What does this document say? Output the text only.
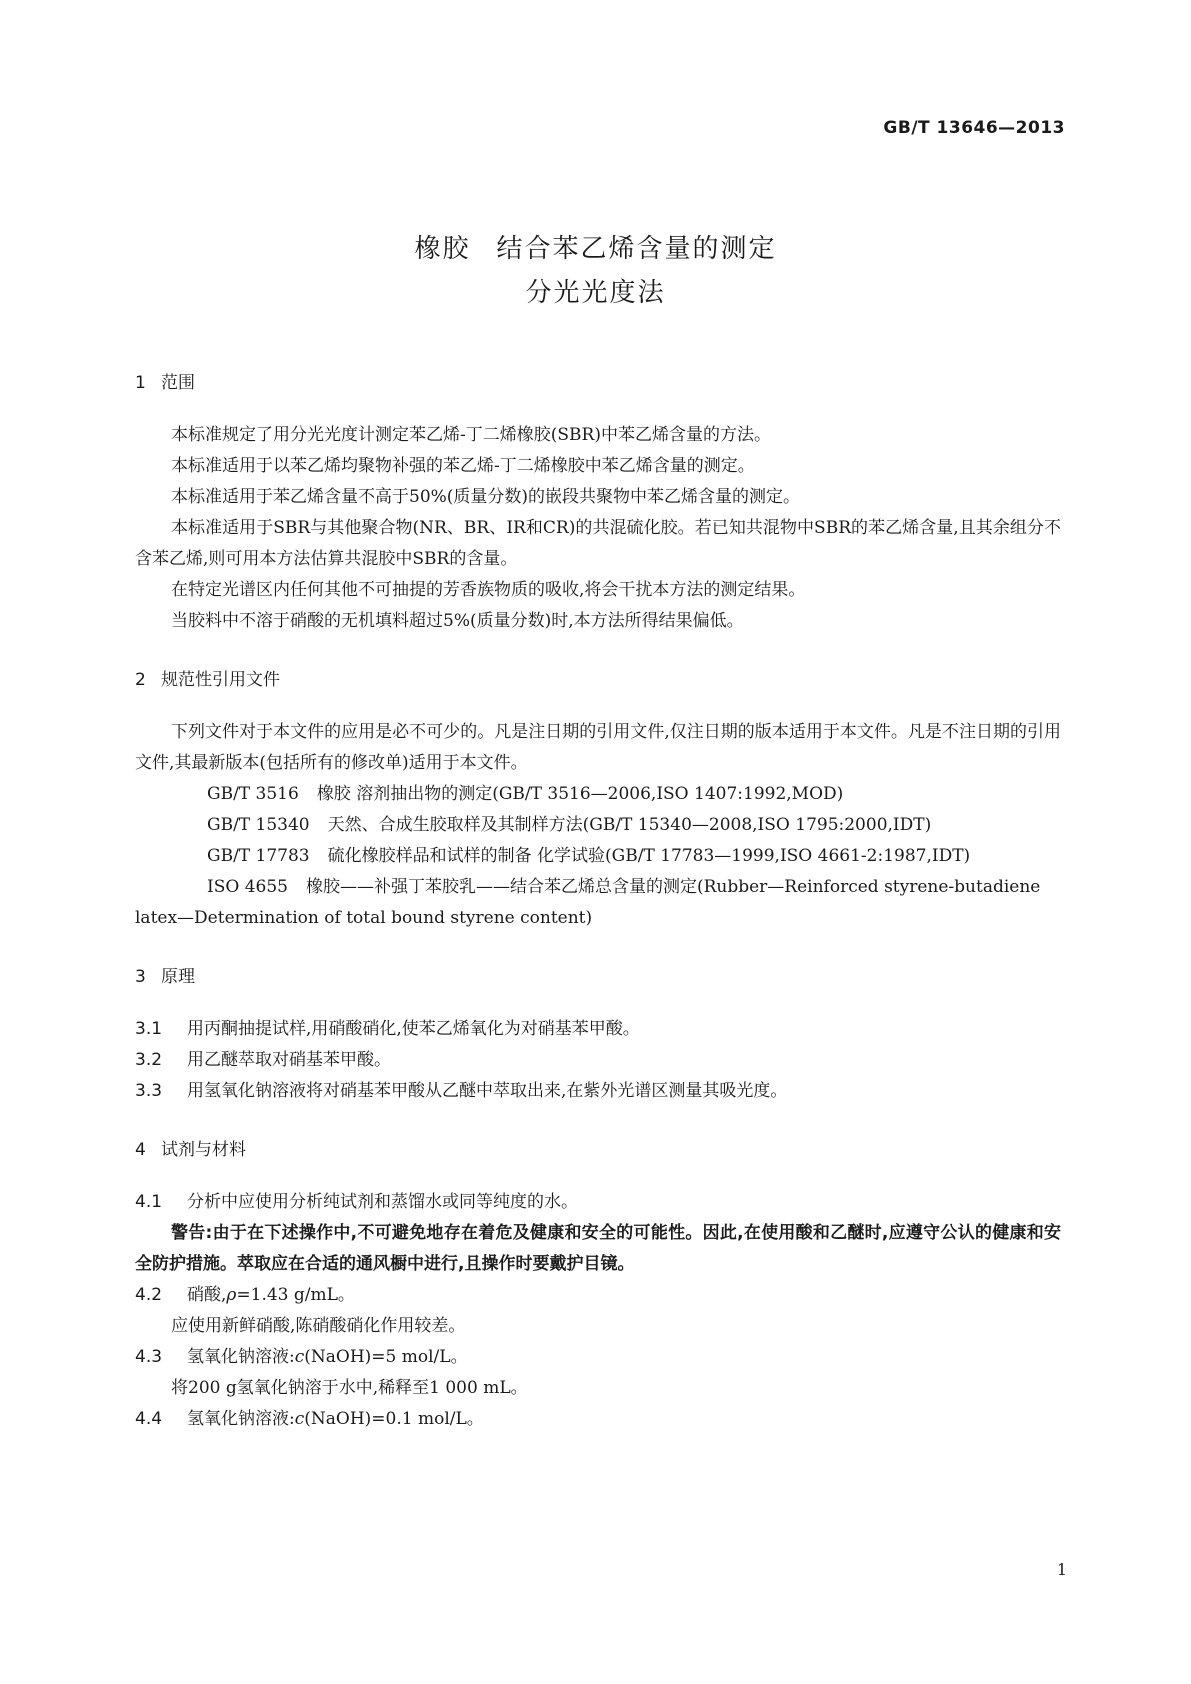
GB/T 13646—2013
橡胶 结合苯乙烯含量的测定
分光光度法
1 范围

本标准规定了用分光光度计测定苯乙烯-丁二烯橡胶(SBR)中苯乙烯含量的方法。

本标准适用于以苯乙烯均聚物补强的苯乙烯-丁二烯橡胶中苯乙烯含量的测定。

本标准适用于苯乙烯含量不高于50%(质量分数)的嵌段共聚物中苯乙烯含量的测定。

本标准适用于SBR与其他聚合物(NR、BR、IR和CR)的共混硫化胶。若已知共混物中SBR的苯乙烯含量,且其余组分不含苯乙烯,则可用本方法估算共混胶中SBR的含量。

在特定光谱区内任何其他不可抽提的芳香族物质的吸收,将会干扰本方法的测定结果。

当胶料中不溶于硝酸的无机填料超过5%(质量分数)时,本方法所得结果偏低。

2 规范性引用文件

下列文件对于本文件的应用是必不可少的。凡是注日期的引用文件,仅注日期的版本适用于本文件。凡是不注日期的引用文件,其最新版本(包括所有的修改单)适用于本文件。

GB/T 3516 橡胶 溶剂抽出物的测定(GB/T 3516—2006,ISO 1407:1992,MOD)

GB/T 15340 天然、合成生胶取样及其制样方法(GB/T 15340—2008,ISO 1795:2000,IDT)

GB/T 17783 硫化橡胶样品和试样的制备 化学试验(GB/T 17783—1999,ISO 4661-2:1987,IDT)

ISO 4655 橡胶——补强丁苯胶乳——结合苯乙烯总含量的测定(Rubber—Reinforced styrene-butadiene latex—Determination of total bound styrene content)

3 原理

3.1 用丙酮抽提试样,用硝酸硝化,使苯乙烯氧化为对硝基苯甲酸。

3.2 用乙醚萃取对硝基苯甲酸。

3.3 用氢氧化钠溶液将对硝基苯甲酸从乙醚中萃取出来,在紫外光谱区测量其吸光度。

4 试剂与材料

4.1 分析中应使用分析纯试剂和蒸馏水或同等纯度的水。

警告:由于在下述操作中,不可避免地存在着危及健康和安全的可能性。因此,在使用酸和乙醚时,应遵守公认的健康和安全防护措施。萃取应在合适的通风橱中进行,且操作时要戴护目镜。

4.2 硝酸,ρ=1.43 g/mL。

应使用新鲜硝酸,陈硝酸硝化作用较差。

4.3 氢氧化钠溶液:c(NaOH)=5 mol/L。

将200 g氢氧化钠溶于水中,稀释至1 000 mL。

4.4 氢氧化钠溶液:c(NaOH)=0.1 mol/L。

1
